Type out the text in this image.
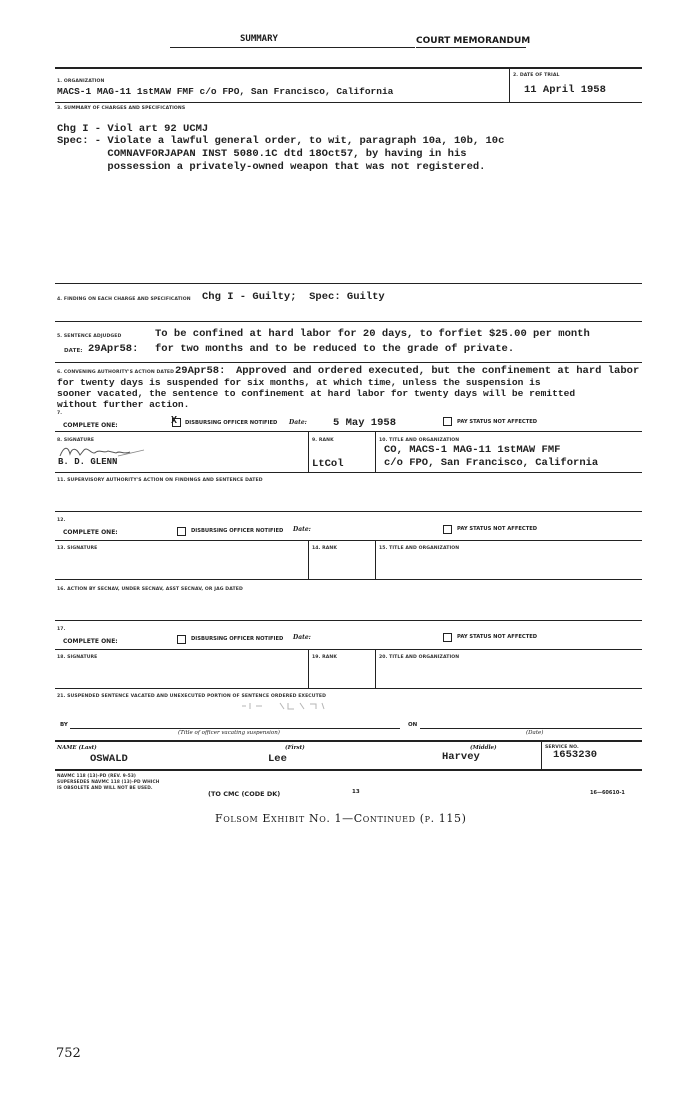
SUMMARY	COURT MEMORANDUM
1. ORGANIZATION
MACS-1 MAG-11 1stMAW FMF c/o FPO, San Francisco, California
2. DATE OF TRIAL
11 April 1958
3. SUMMARY OF CHARGES AND SPECIFICATIONS
Chg I - Viol art 92 UCMJ
Spec: - Violate a lawful general order, to wit, paragraph 10a, 10b, 10c
COMNAVFORJAPAN INST 5080.1C dtd 18Oct57, by having in his
possession a privately-owned weapon that was not registered.
4. FINDING ON EACH CHARGE AND SPECIFICATION Chg I - Guilty;  Spec: Guilty
5. SENTENCE ADJUDGED	To be confined at hard labor for 20 days, to forfiet $25.00 per month
DATE: 29Apr58: for two months and to be reduced to the grade of private.
6. CONVENING AUTHORITY'S ACTION DATED 29Apr58: Approved and ordered executed, but the confinement at hard labor
for twenty days is suspended for six months, at which time, unless the suspension is
sooner vacated, the sentence to confinement at hard labor for twenty days will be remitted
without further action.
7.
COMPLETE ONE:	X DISBURSING OFFICER NOTIFIED Date: 5 May 1958	PAY STATUS NOT AFFECTED
8. SIGNATURE
B. D. GLENN
9. RANK
LtCol
10. TITLE AND ORGANIZATION
CO, MACS-1 MAG-11 1stMAW FMF
c/o FPO, San Francisco, California
11. SUPERVISORY AUTHORITY'S ACTION ON FINDINGS AND SENTENCE DATED
12.
COMPLETE ONE:	DISBURSING OFFICER NOTIFIED Date:	PAY STATUS NOT AFFECTED
13. SIGNATURE	14. RANK	15. TITLE AND ORGANIZATION
16. ACTION BY SECNAV, UNDER SECNAV, ASST SECNAV, OR JAG DATED
17.
COMPLETE ONE:	DISBURSING OFFICER NOTIFIED Date:	PAY STATUS NOT AFFECTED
18. SIGNATURE	19. RANK	20. TITLE AND ORGANIZATION
21. SUSPENDED SENTENCE VACATED AND UNEXECUTED PORTION OF SENTENCE ORDERED EXECUTED
BY
(Title of officer vacating suspension)
ON
(Date)
NAME (Last)
OSWALD
(First)
Lee
(Middle)
Harvey
SERVICE NO.
1653230
NAVMC 118 (13)-PD (REV. 9-53)
SUPERSEDES NAVMC 118 (13)-PD WHICH
IS OBSOLETE AND WILL NOT BE USED.
(TO CMC (CODE DK)	13	16—60610-1
Folsom Exhibit No. 1—Continued (p. 115)
752
